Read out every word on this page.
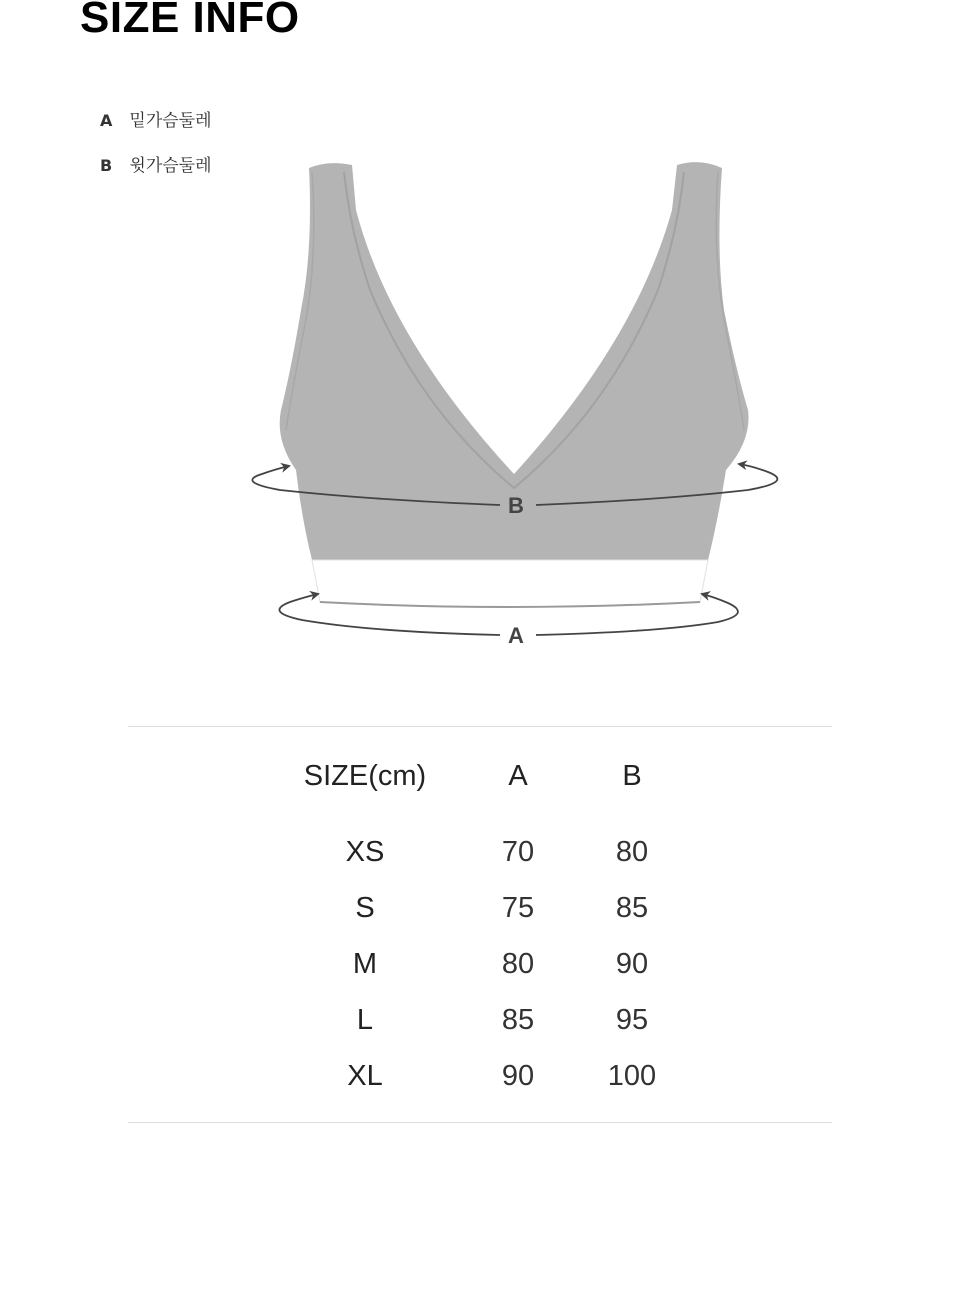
SIZE INFO
A 밑가슴둘레
B 윗가슴둘레
B
A
SIZE(cm)	A	B
XS	70	80
S	75	85
M	80	90
L	85	95
XL	90	100
